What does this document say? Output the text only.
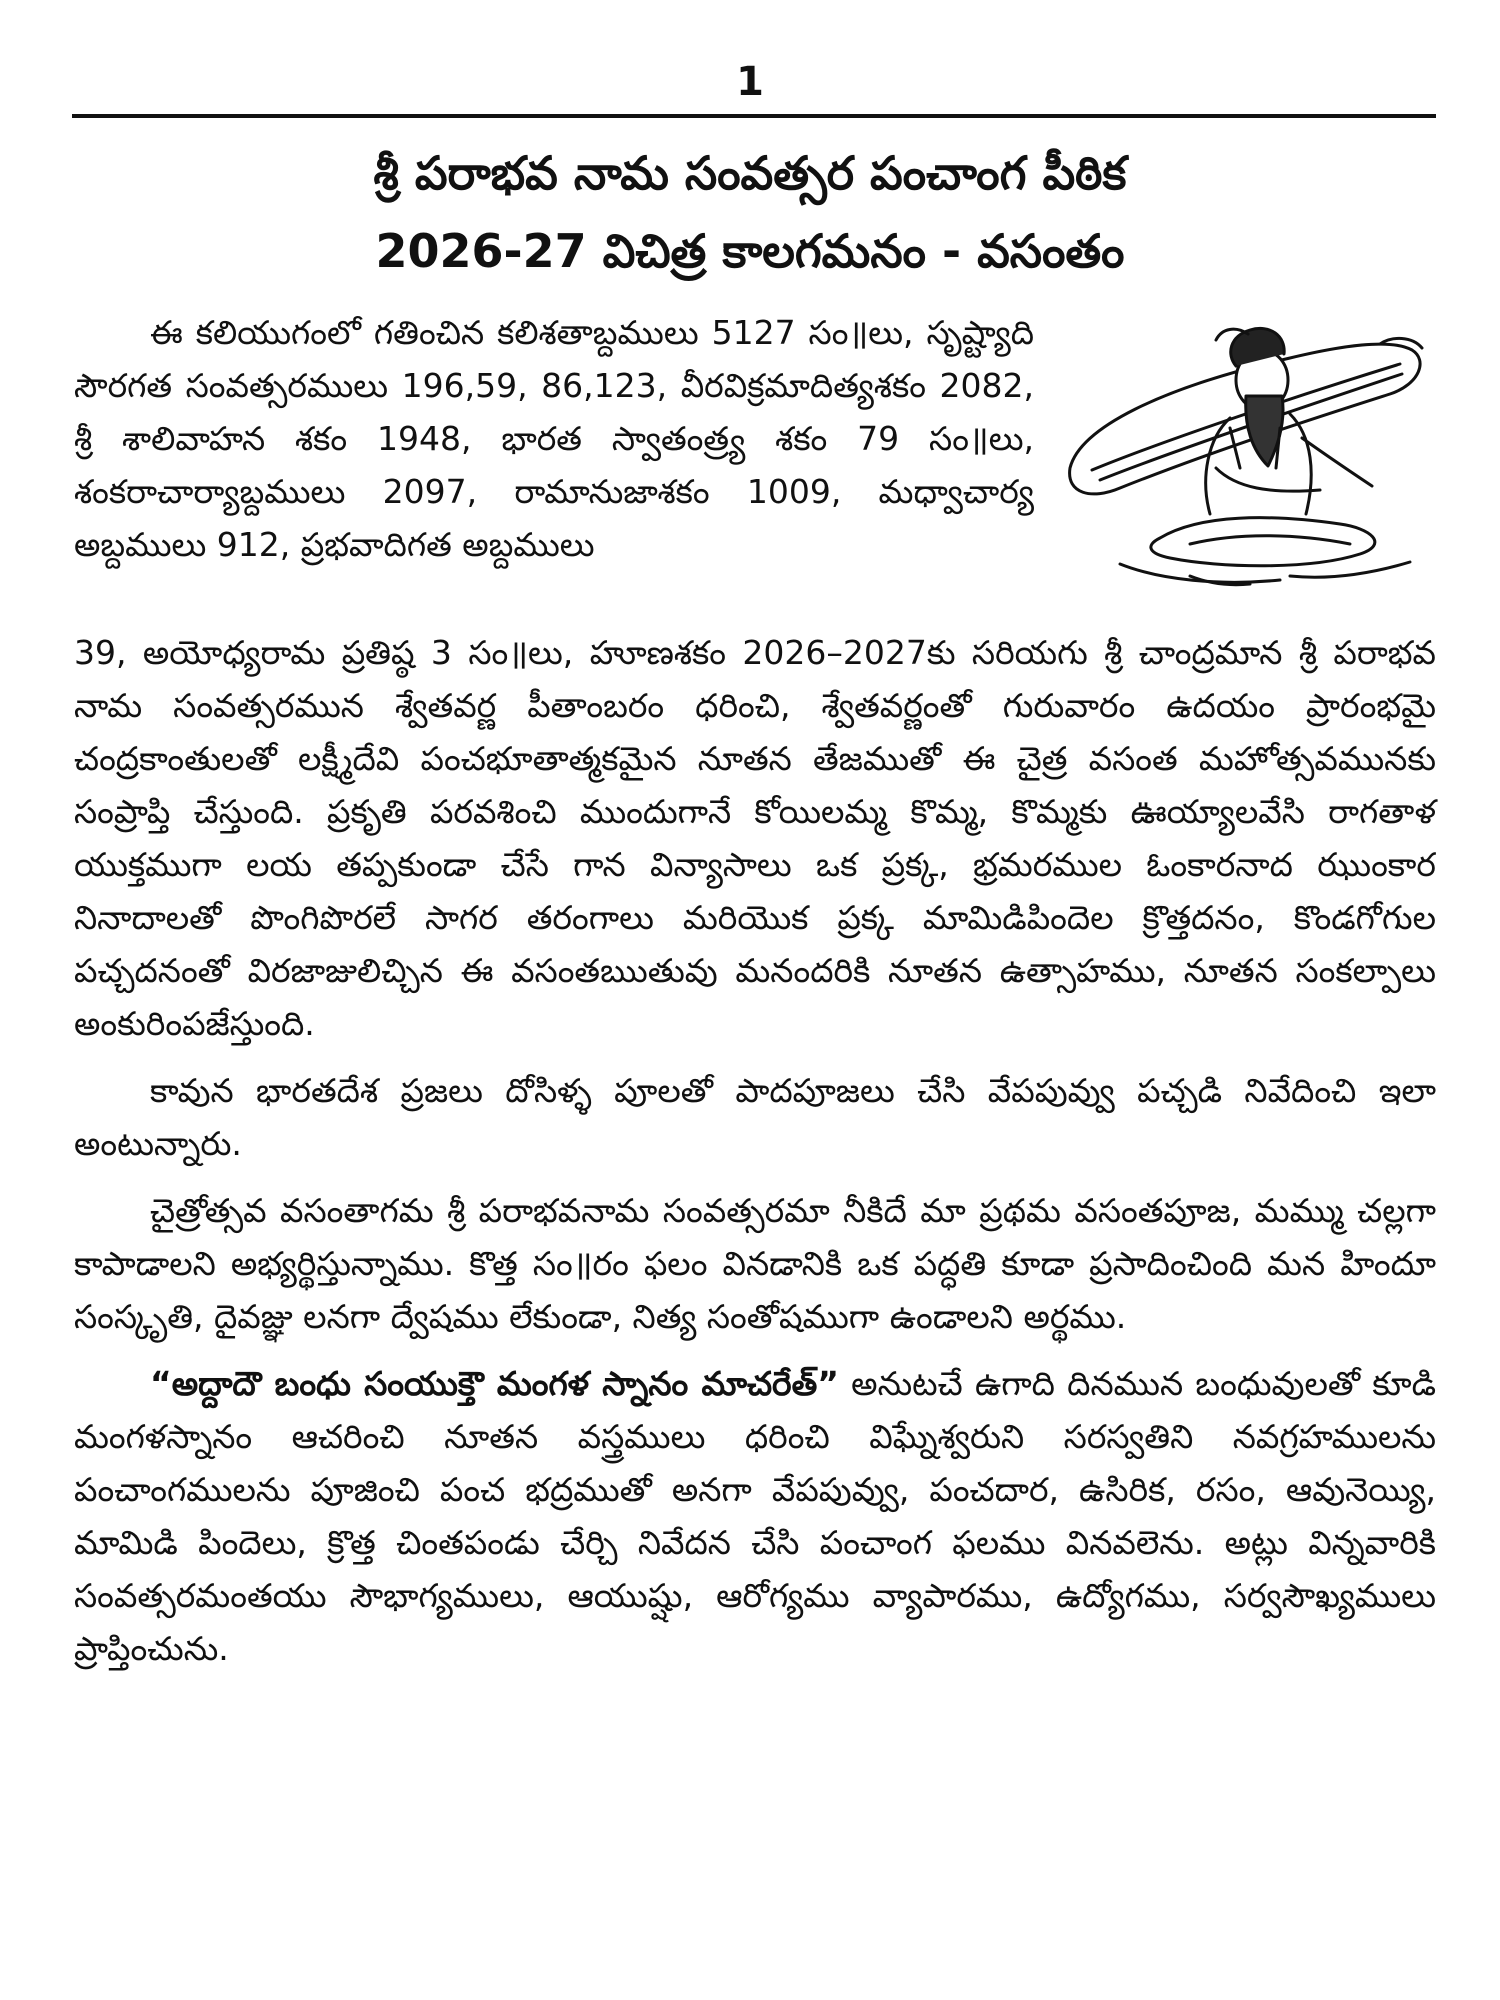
1
శ్రీ పరాభవ నామ సంవత్సర పంచాంగ పీఠిక
2026-27 విచిత్ర కాలగమనం - వసంతం

ఈ కలియుగంలో గతించిన కలిశతాబ్దములు 5127 సం॥లు, సృష్ట్యాది సౌరగత సంవత్సరములు 196,59, 86,123, వీరవిక్రమాదిత్యశకం 2082, శ్రీ శాలివాహన శకం 1948, భారత స్వాతంత్ర్య శకం 79 సం॥లు, శంకరాచార్యాబ్దములు 2097, రామానుజాశకం 1009, మధ్వాచార్య అబ్దములు 912, ప్రభవాదిగత అబ్దములు

39, అయోధ్యరామ ప్రతిష్ఠ 3 సం॥లు, హూణశకం 2026–2027కు సరియగు శ్రీ చాంద్రమాన శ్రీ పరాభవ నామ సంవత్సరమున శ్వేతవర్ణ పీతాంబరం ధరించి, శ్వేతవర్ణంతో గురువారం ఉదయం ప్రారంభమై చంద్రకాంతులతో లక్ష్మీదేవి పంచభూతాత్మకమైన నూతన తేజముతో ఈ చైత్ర వసంత మహోత్సవమునకు సంప్రాప్తి చేస్తుంది. ప్రకృతి పరవశించి ముందుగానే కోయిలమ్మ కొమ్మ, కొమ్మకు ఊయ్యాలవేసి రాగతాళ యుక్తముగా లయ తప్పకుండా చేసే గాన విన్యాసాలు ఒక ప్రక్క, భ్రమరముల ఓంకారనాద ఝుంకార నినాదాలతో పొంగిపొరలే సాగర తరంగాలు మరియొక ప్రక్క మామిడిపిందెల క్రొత్తదనం, కొండగోగుల పచ్చదనంతో విరజాజులిచ్చిన ఈ వసంతఋతువు మనందరికి నూతన ఉత్సాహము, నూతన సంకల్పాలు అంకురింపజేస్తుంది.

కావున భారతదేశ ప్రజలు దోసిళ్ళ పూలతో పాదపూజలు చేసి వేపపువ్వు పచ్చడి నివేదించి ఇలా అంటున్నారు.

చైత్రోత్సవ వసంతాగమ శ్రీ పరాభవనామ సంవత్సరమా నీకిదే మా ప్రథమ వసంతపూజ, మమ్ము చల్లగా కాపాడాలని అభ్యర్థిస్తున్నాము. కొత్త సం॥రం ఫలం వినడానికి ఒక పద్ధతి కూడా ప్రసాదించింది మన హిందూ సంస్కృతి, దైవజ్ఞు లనగా ద్వేషము లేకుండా, నిత్య సంతోషముగా ఉండాలని అర్థము.

“అద్దాదౌ బంధు సంయుక్తౌ మంగళ స్నానం మాచరేత్” అనుటచే ఉగాది దినమున బంధువులతో కూడి మంగళస్నానం ఆచరించి నూతన వస్త్రములు ధరించి విఘ్నేశ్వరుని సరస్వతిని నవగ్రహములను పంచాంగములను పూజించి పంచ భద్రముతో అనగా వేపపువ్వు, పంచదార, ఉసిరిక, రసం, ఆవునెయ్యి, మామిడి పిందెలు, క్రొత్త చింతపండు చేర్చి నివేదన చేసి పంచాంగ ఫలము వినవలెను. అట్లు విన్నవారికి సంవత్సరమంతయు సౌభాగ్యములు, ఆయుష్షు, ఆరోగ్యము వ్యాపారము, ఉద్యోగము, సర్వసౌఖ్యములు ప్రాప్తించును.
